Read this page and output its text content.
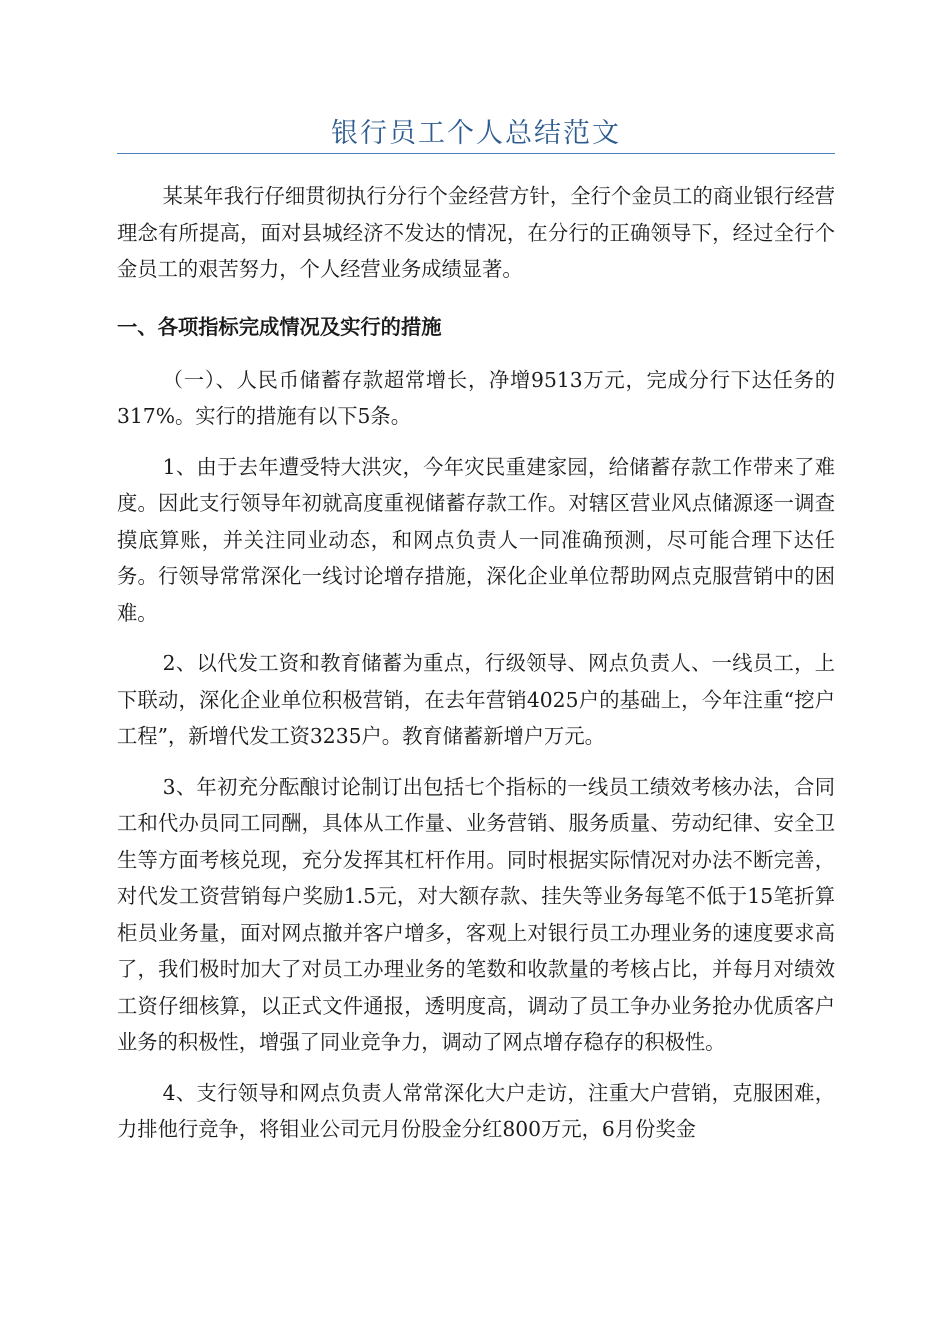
银行员工个人总结范文

某某年我行仔细贯彻执行分行个金经营方针，全行个金员工的商业银行经营理念有所提高，面对县城经济不发达的情况，在分行的正确领导下，经过全行个金员工的艰苦努力，个人经营业务成绩显著。

一、各项指标完成情况及实行的措施

（一）、人民币储蓄存款超常增长，净增9513万元，完成分行下达任务的317%。实行的措施有以下5条。

1、由于去年遭受特大洪灾，今年灾民重建家园，给储蓄存款工作带来了难度。因此支行领导年初就高度重视储蓄存款工作。对辖区营业风点储源逐一调查摸底算账，并关注同业动态，和网点负责人一同准确预测，尽可能合理下达任务。行领导常常深化一线讨论增存措施，深化企业单位帮助网点克服营销中的困难。

2、以代发工资和教育储蓄为重点，行级领导、网点负责人、一线员工，上下联动，深化企业单位积极营销，在去年营销4025户的基础上，今年注重“挖户工程”，新增代发工资3235户。教育储蓄新增户万元。

3、年初充分酝酿讨论制订出包括七个指标的一线员工绩效考核办法，合同工和代办员同工同酬，具体从工作量、业务营销、服务质量、劳动纪律、安全卫生等方面考核兑现，充分发挥其杠杆作用。同时根据实际情况对办法不断完善，对代发工资营销每户奖励1.5元，对大额存款、挂失等业务每笔不低于15笔折算柜员业务量，面对网点撤并客户增多，客观上对银行员工办理业务的速度要求高了，我们极时加大了对员工办理业务的笔数和收款量的考核占比，并每月对绩效工资仔细核算，以正式文件通报，透明度高，调动了员工争办业务抢办优质客户业务的积极性，增强了同业竞争力，调动了网点增存稳存的积极性。

4、支行领导和网点负责人常常深化大户走访，注重大户营销，克服困难，力排他行竞争，将钼业公司元月份股金分红800万元，6月份奖金
